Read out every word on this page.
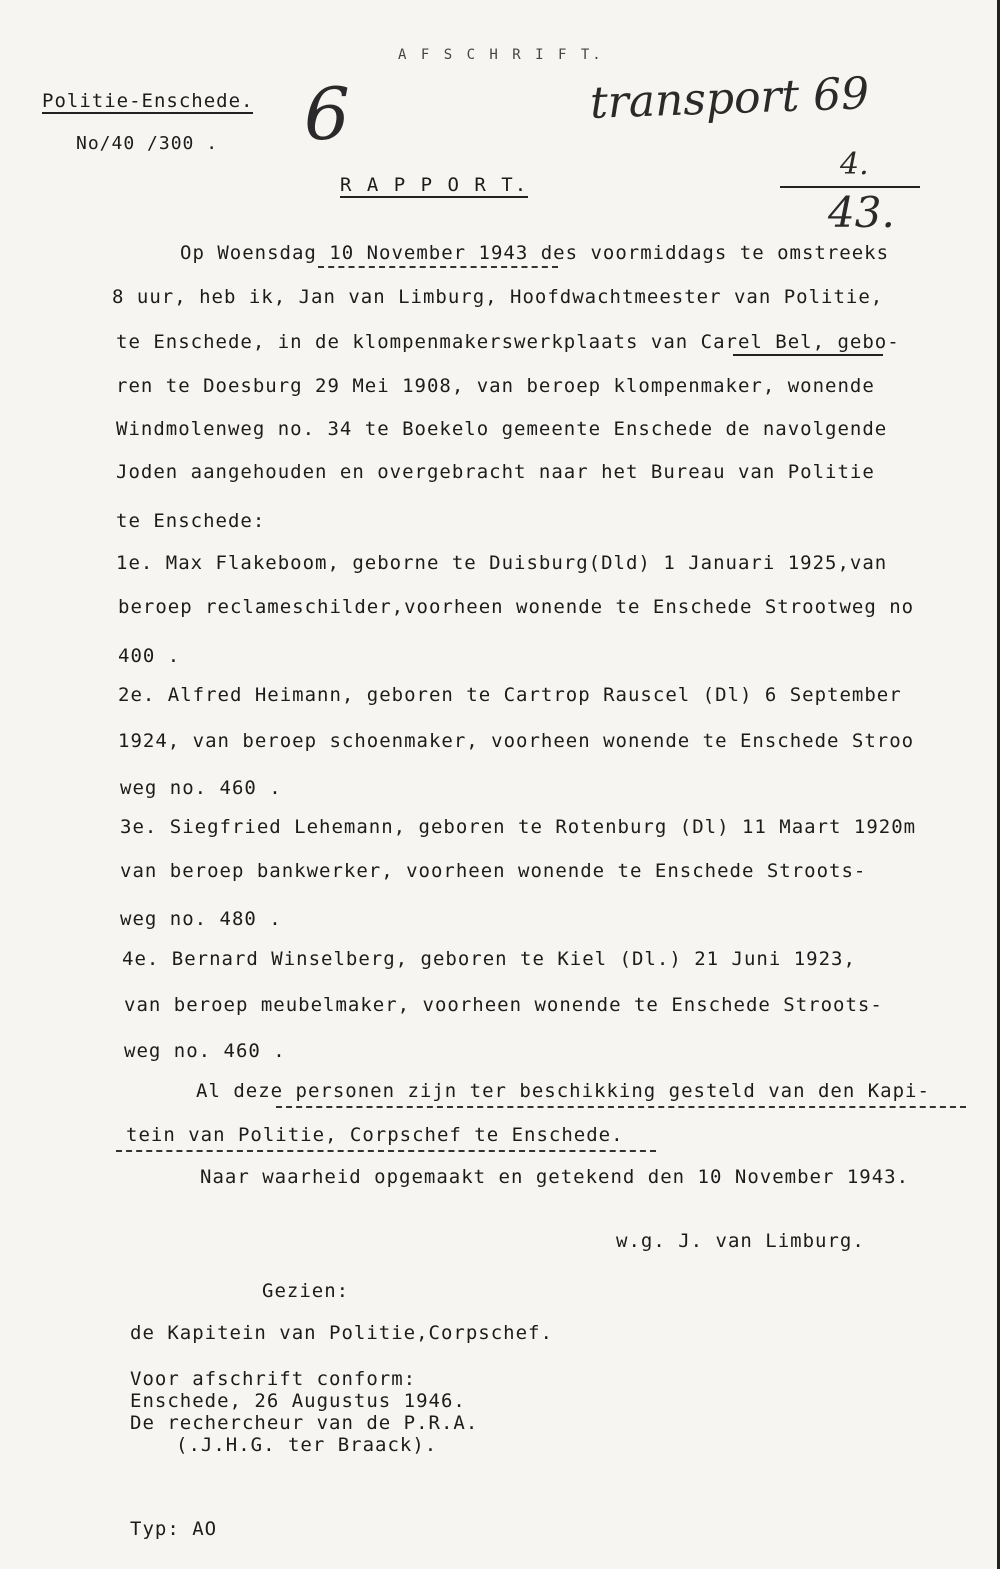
A F S C H R I F T.
Politie-Enschede.
No/40 /300 . 6	transport 69
4.
43.
R A P P O R T.
Op Woensdag 10 November 1943 des voormiddags te omstreeks
8 uur, heb ik, Jan van Limburg, Hoofdwachtmeester van Politie,
te Enschede, in de klompenmakerswerkplaats van Carel Bel, gebo-
ren te Doesburg 29 Mei 1908, van beroep klompenmaker, wonende
Windmolenweg no. 34 te Boekelo gemeente Enschede de navolgende
Joden aangehouden en overgebracht naar het Bureau van Politie
te Enschede:
1e. Max Flakeboom, geborne te Duisburg(Dld) 1 Januari 1925,van
beroep reclameschilder,voorheen wonende te Enschede Strootweg no
400 .
2e. Alfred Heimann, geboren te Cartrop Rauscel (Dl) 6 September
1924, van beroep schoenmaker, voorheen wonende te Enschede Stroo
weg no. 460 .
3e. Siegfried Lehemann, geboren te Rotenburg (Dl) 11 Maart 1920m
van beroep bankwerker, voorheen wonende te Enschede Stroots-
weg no. 480 .
4e. Bernard Winselberg, geboren te Kiel (Dl.) 21 Juni 1923,
van beroep meubelmaker, voorheen wonende te Enschede Stroots-
weg no. 460 .
Al deze personen zijn ter beschikking gesteld van den Kapi-
tein van Politie, Corpschef te Enschede.
Naar waarheid opgemaakt en getekend den 10 November 1943.
w.g. J. van Limburg.
Gezien:
de Kapitein van Politie,Corpschef.
Voor afschrift conform:
Enschede, 26 Augustus 1946.
De rechercheur van de P.R.A.
(.J.H.G. ter Braack).
Typ: AO
